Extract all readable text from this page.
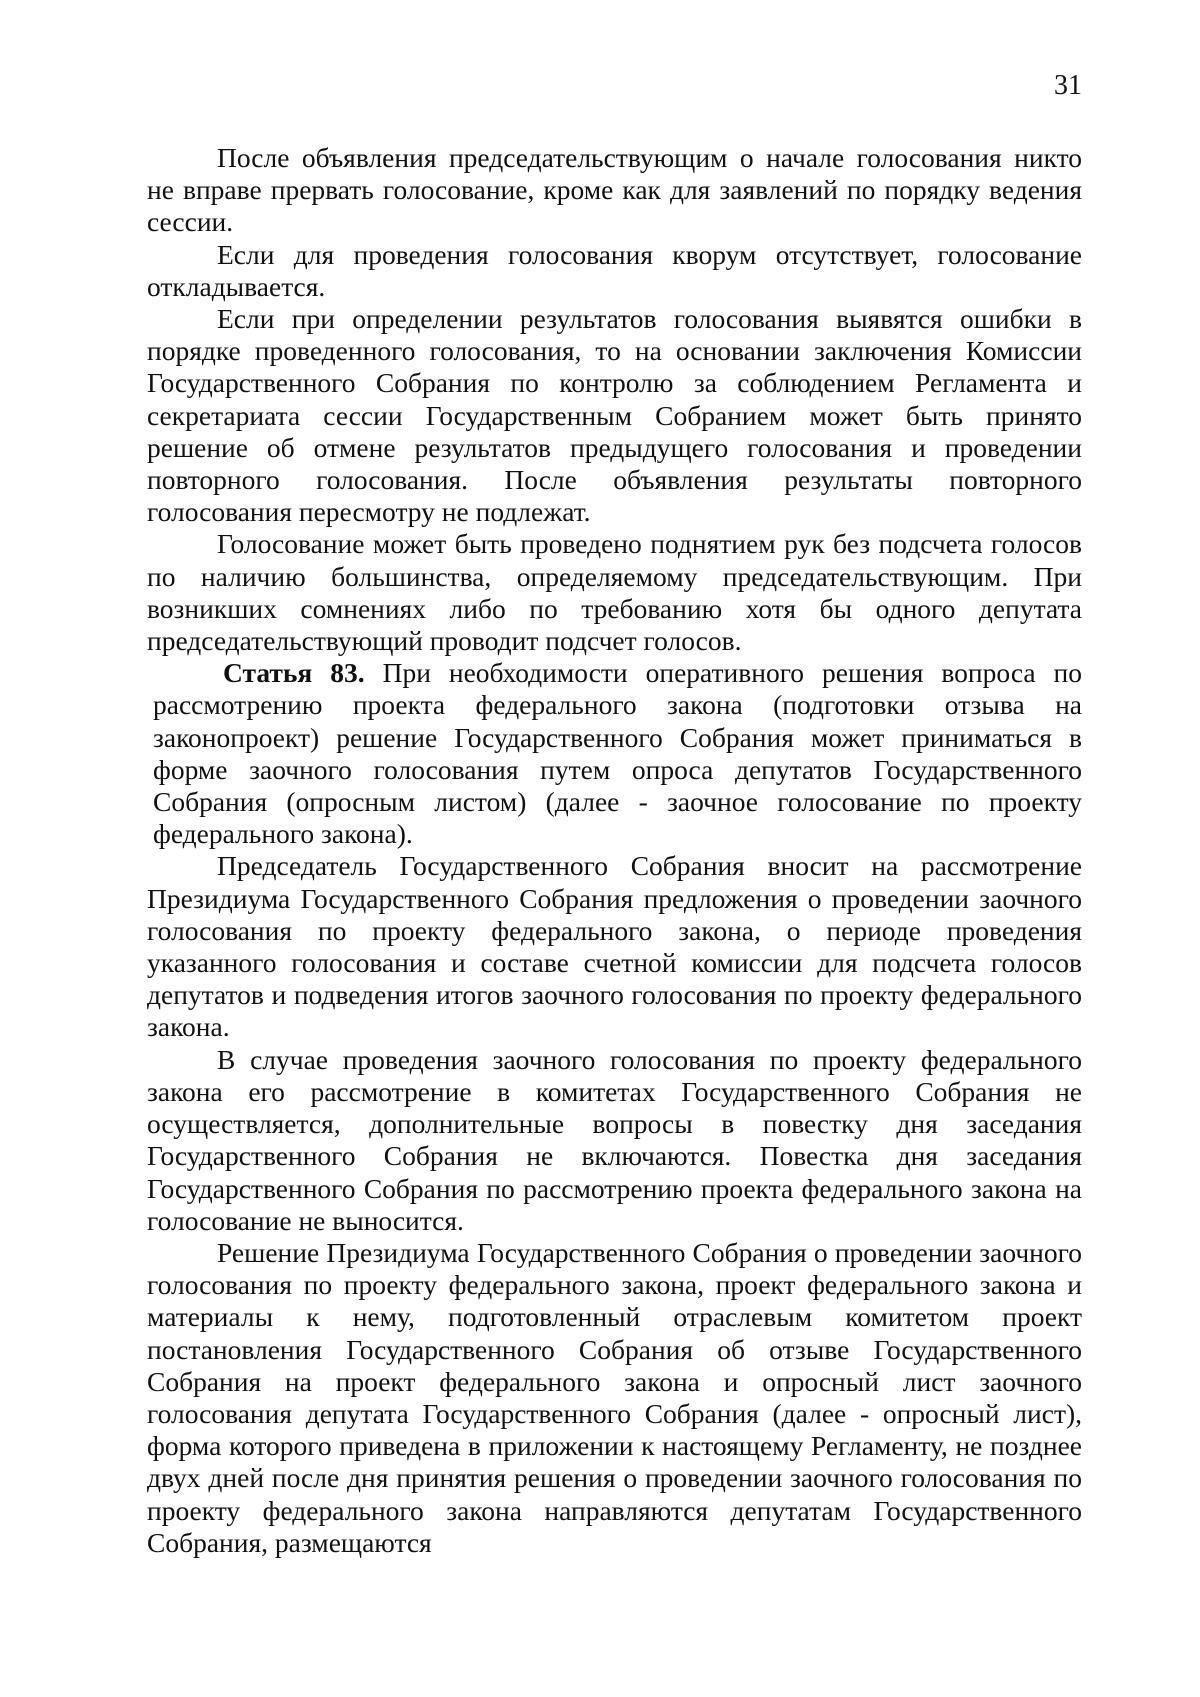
31

После объявления председательствующим о начале голосования никто не вправе прервать голосование, кроме как для заявлений по порядку ведения сессии.

Если для проведения голосования кворум отсутствует, голосование откладывается.

Если при определении результатов голосования выявятся ошибки в порядке проведенного голосования, то на основании заключения Комиссии Государственного Собрания по контролю за соблюдением Регламента и секретариата сессии Государственным Собранием может быть принято решение об отмене результатов предыдущего голосования и проведении повторного голосования. После объявления результаты повторного голосования пересмотру не подлежат.

Голосование может быть проведено поднятием рук без подсчета голосов по наличию большинства, определяемому председательствующим. При возникших сомнениях либо по требованию хотя бы одного депутата председательствующий проводит подсчет голосов.

Статья 83. При необходимости оперативного решения вопроса по рассмотрению проекта федерального закона (подготовки отзыва на законопроект) решение Государственного Собрания может приниматься в форме заочного голосования путем опроса депутатов Государственного Собрания (опросным листом) (далее - заочное голосование по проекту федерального закона).

Председатель Государственного Собрания вносит на рассмотрение Президиума Государственного Собрания предложения о проведении заочного голосования по проекту федерального закона, о периоде проведения указанного голосования и составе счетной комиссии для подсчета голосов депутатов и подведения итогов заочного голосования по проекту федерального закона.

В случае проведения заочного голосования по проекту федерального закона его рассмотрение в комитетах Государственного Собрания не осуществляется, дополнительные вопросы в повестку дня заседания Государственного Собрания не включаются. Повестка дня заседания Государственного Собрания по рассмотрению проекта федерального закона на голосование не выносится.

Решение Президиума Государственного Собрания о проведении заочного голосования по проекту федерального закона, проект федерального закона и материалы к нему, подготовленный отраслевым комитетом проект постановления Государственного Собрания об отзыве Государственного Собрания на проект федерального закона и опросный лист заочного голосования депутата Государственного Собрания (далее - опросный лист), форма которого приведена в приложении к настоящему Регламенту, не позднее двух дней после дня принятия решения о проведении заочного голосования по проекту федерального закона направляются депутатам Государственного Собрания, размещаются
